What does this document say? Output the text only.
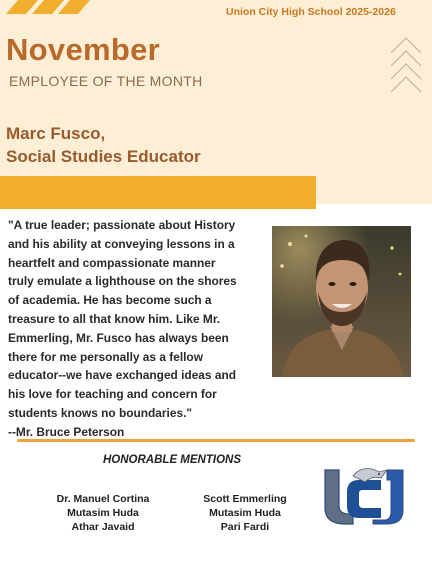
Union City High School 2025-2026
November
EMPLOYEE OF THE MONTH
Marc Fusco,
Social Studies Educator
"A true leader; passionate about History
and his ability at conveying lessons in a
heartfelt and compassionate manner
truly emulate a lighthouse on the shores
of academia. He has become such a
treasure to all that know him. Like Mr.
Emmerling, Mr. Fusco has always been
there for me personally as a fellow
educator--we have exchanged ideas and
his love for teaching and concern for
students knows no boundaries."
--Mr. Bruce Peterson
HONORABLE MENTIONS
Dr. Manuel Cortina
Mutasim Huda
Athar Javaid
Scott Emmerling
Mutasim Huda
Pari Fardi
